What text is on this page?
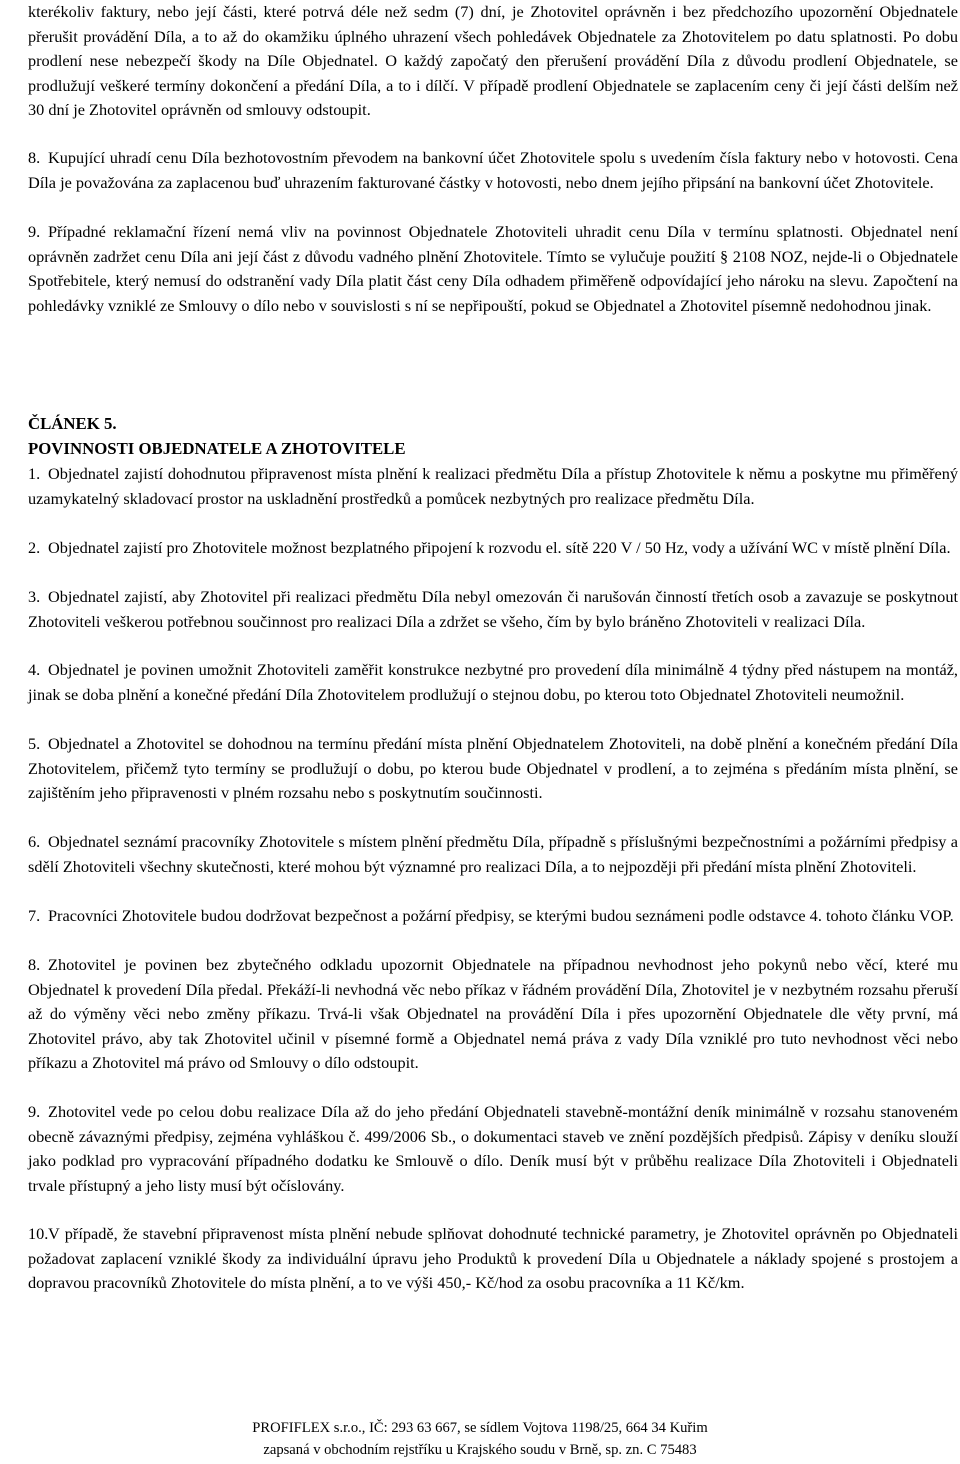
kterékoliv faktury, nebo její části, které potrvá déle než sedm (7) dní, je Zhotovitel oprávněn i bez předchozího upozornění Objednatele přerušit provádění Díla, a to až do okamžiku úplného uhrazení všech pohledávek Objednatele za Zhotovitelem po datu splatnosti. Po dobu prodlení nese nebezpečí škody na Díle Objednatel. O každý započatý den přerušení provádění Díla z důvodu prodlení Objednatele, se prodlužují veškeré termíny dokončení a předání Díla, a to i dílčí. V případě prodlení Objednatele se zaplacením ceny či její části delším než 30 dní je Zhotovitel oprávněn od smlouvy odstoupit.

8. Kupující uhradí cenu Díla bezhotovostním převodem na bankovní účet Zhotovitele spolu s uvedením čísla faktury nebo v hotovosti. Cena Díla je považována za zaplacenou buď uhrazením fakturované částky v hotovosti, nebo dnem jejího připsání na bankovní účet Zhotovitele.
9. Případné reklamační řízení nemá vliv na povinnost Objednatele Zhotoviteli uhradit cenu Díla v termínu splatnosti. Objednatel není oprávněn zadržet cenu Díla ani její část z důvodu vadného plnění Zhotovitele. Tímto se vylučuje použití § 2108 NOZ, nejde-li o Objednatele Spotřebitele, který nemusí do odstranění vady Díla platit část ceny Díla odhadem přiměřeně odpovídající jeho nároku na slevu. Započtení na pohledávky vzniklé ze Smlouvy o dílo nebo v souvislosti s ní se nepřipouští, pokud se Objednatel a Zhotovitel písemně nedohodnou jinak.
ČLÁNEK 5.
POVINNOSTI OBJEDNATELE A ZHOTOVITELE
1. Objednatel zajistí dohodnutou připravenost místa plnění k realizaci předmětu Díla a přístup Zhotovitele k němu a poskytne mu přiměřený uzamykatelný skladovací prostor na uskladnění prostředků a pomůcek nezbytných pro realizace předmětu Díla.
2. Objednatel zajistí pro Zhotovitele možnost bezplatného připojení k rozvodu el. sítě 220 V / 50 Hz, vody a užívání WC v místě plnění Díla.
3. Objednatel zajistí, aby Zhotovitel při realizaci předmětu Díla nebyl omezován či narušován činností třetích osob a zavazuje se poskytnout Zhotoviteli veškerou potřebnou součinnost pro realizaci Díla a zdržet se všeho, čím by bylo bráněno Zhotoviteli v realizaci Díla.
4. Objednatel je povinen umožnit Zhotoviteli zaměřit konstrukce nezbytné pro provedení díla minimálně 4 týdny před nástupem na montáž, jinak se doba plnění a konečné předání Díla Zhotovitelem prodlužují o stejnou dobu, po kterou toto Objednatel Zhotoviteli neumožnil.
5. Objednatel a Zhotovitel se dohodnou na termínu předání místa plnění Objednatelem Zhotoviteli, na době plnění a konečném předání Díla Zhotovitelem, přičemž tyto termíny se prodlužují o dobu, po kterou bude Objednatel v prodlení, a to zejména s předáním místa plnění, se zajištěním jeho připravenosti v plném rozsahu nebo s poskytnutím součinnosti.
6. Objednatel seznámí pracovníky Zhotovitele s místem plnění předmětu Díla, případně s příslušnými bezpečnostními a požárními předpisy a sdělí Zhotoviteli všechny skutečnosti, které mohou být významné pro realizaci Díla, a to nejpozději při předání místa plnění Zhotoviteli.
7. Pracovníci Zhotovitele budou dodržovat bezpečnost a požární předpisy, se kterými budou seznámeni podle odstavce 4. tohoto článku VOP.
8. Zhotovitel je povinen bez zbytečného odkladu upozornit Objednatele na případnou nevhodnost jeho pokynů nebo věcí, které mu Objednatel k provedení Díla předal. Překáží-li nevhodná věc nebo příkaz v řádném provádění Díla, Zhotovitel je v nezbytném rozsahu přeruší až do výměny věci nebo změny příkazu. Trvá-li však Objednatel na provádění Díla i přes upozornění Objednatele dle věty první, má Zhotovitel právo, aby tak Zhotovitel učinil v písemné formě a Objednatel nemá práva z vady Díla vzniklé pro tuto nevhodnost věci nebo příkazu a Zhotovitel má právo od Smlouvy o dílo odstoupit.
9. Zhotovitel vede po celou dobu realizace Díla až do jeho předání Objednateli stavebně-montážní deník minimálně v rozsahu stanoveném obecně závaznými předpisy, zejména vyhláškou č. 499/2006 Sb., o dokumentaci staveb ve znění pozdějších předpisů. Zápisy v deníku slouží jako podklad pro vypracování případného dodatku ke Smlouvě o dílo. Deník musí být v průběhu realizace Díla Zhotoviteli i Objednateli trvale přístupný a jeho listy musí být očíslovány.
10. V případě, že stavební připravenost místa plnění nebude splňovat dohodnuté technické parametry, je Zhotovitel oprávněn po Objednateli požadovat zaplacení vzniklé škody za individuální úpravu jeho Produktů k provedení Díla u Objednatele a náklady spojené s prostojem a dopravou pracovníků Zhotovitele do místa plnění, a to ve výši 450,- Kč/hod za osobu pracovníka a 11 Kč/km.
PROFIFLEX s.r.o., IČ: 293 63 667, se sídlem Vojtova 1198/25, 664 34 Kuřim
zapsaná v obchodním rejstříku u Krajského soudu v Brně, sp. zn. C 75483
